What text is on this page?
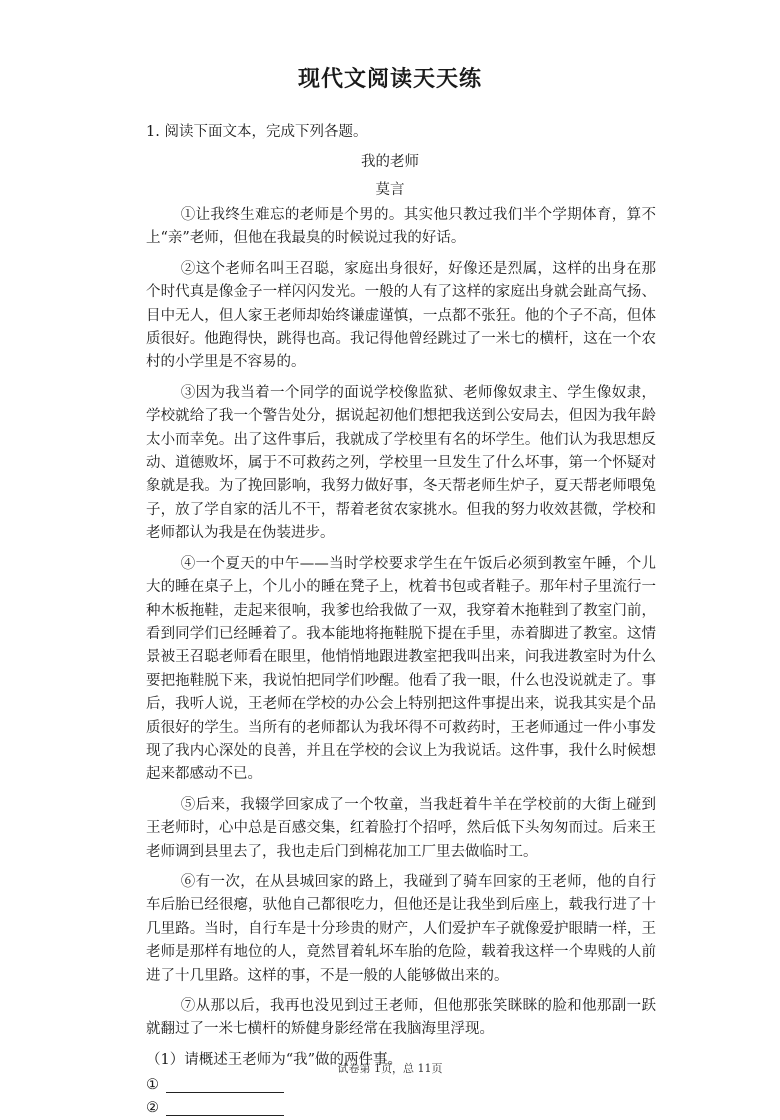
现代文阅读天天练
1. 阅读下面文本，完成下列各题。
我的老师
莫言

①让我终生难忘的老师是个男的。其实他只教过我们半个学期体育，算不上“亲”老师，但他在我最臭的时候说过我的好话。

②这个老师名叫王召聪，家庭出身很好，好像还是烈属，这样的出身在那个时代真是像金子一样闪闪发光。一般的人有了这样的家庭出身就会趾高气扬、目中无人，但人家王老师却始终谦虚谨慎，一点都不张狂。他的个子不高，但体质很好。他跑得快，跳得也高。我记得他曾经跳过了一米七的横杆，这在一个农村的小学里是不容易的。

③因为我当着一个同学的面说学校像监狱、老师像奴隶主、学生像奴隶，学校就给了我一个警告处分，据说起初他们想把我送到公安局去，但因为我年龄太小而幸免。出了这件事后，我就成了学校里有名的坏学生。他们认为我思想反动、道德败坏，属于不可救药之列，学校里一旦发生了什么坏事，第一个怀疑对象就是我。为了挽回影响，我努力做好事，冬天帮老师生炉子，夏天帮老师喂兔子，放了学自家的活儿不干，帮着老贫农家挑水。但我的努力收效甚微，学校和老师都认为我是在伪装进步。

④一个夏天的中午——当时学校要求学生在午饭后必须到教室午睡，个儿大的睡在桌子上，个儿小的睡在凳子上，枕着书包或者鞋子。那年村子里流行一种木板拖鞋，走起来很响，我爹也给我做了一双，我穿着木拖鞋到了教室门前，看到同学们已经睡着了。我本能地将拖鞋脱下提在手里，赤着脚进了教室。这情景被王召聪老师看在眼里，他悄悄地跟进教室把我叫出来，问我进教室时为什么要把拖鞋脱下来，我说怕把同学们吵醒。他看了我一眼，什么也没说就走了。事后，我听人说，王老师在学校的办公会上特别把这件事提出来，说我其实是个品质很好的学生。当所有的老师都认为我坏得不可救药时，王老师通过一件小事发现了我内心深处的良善，并且在学校的会议上为我说话。这件事，我什么时候想起来都感动不已。

⑤后来，我辍学回家成了一个牧童，当我赶着牛羊在学校前的大街上碰到王老师时，心中总是百感交集，红着脸打个招呼，然后低下头匆匆而过。后来王老师调到县里去了，我也走后门到棉花加工厂里去做临时工。

⑥有一次，在从县城回家的路上，我碰到了骑车回家的王老师，他的自行车后胎已经很瘪，驮他自己都很吃力，但他还是让我坐到后座上，载我行进了十几里路。当时，自行车是十分珍贵的财产，人们爱护车子就像爱护眼睛一样，王老师是那样有地位的人，竟然冒着轧坏车胎的危险，载着我这样一个卑贱的人前进了十几里路。这样的事，不是一般的人能够做出来的。

⑦从那以后，我再也没见到过王老师，但他那张笑眯眯的脸和他那副一跃就翻过了一米七横杆的矫健身影经常在我脑海里浮现。

（1）请概述王老师为“我”做的两件事。
①
②
试卷第 1页，总 11页
